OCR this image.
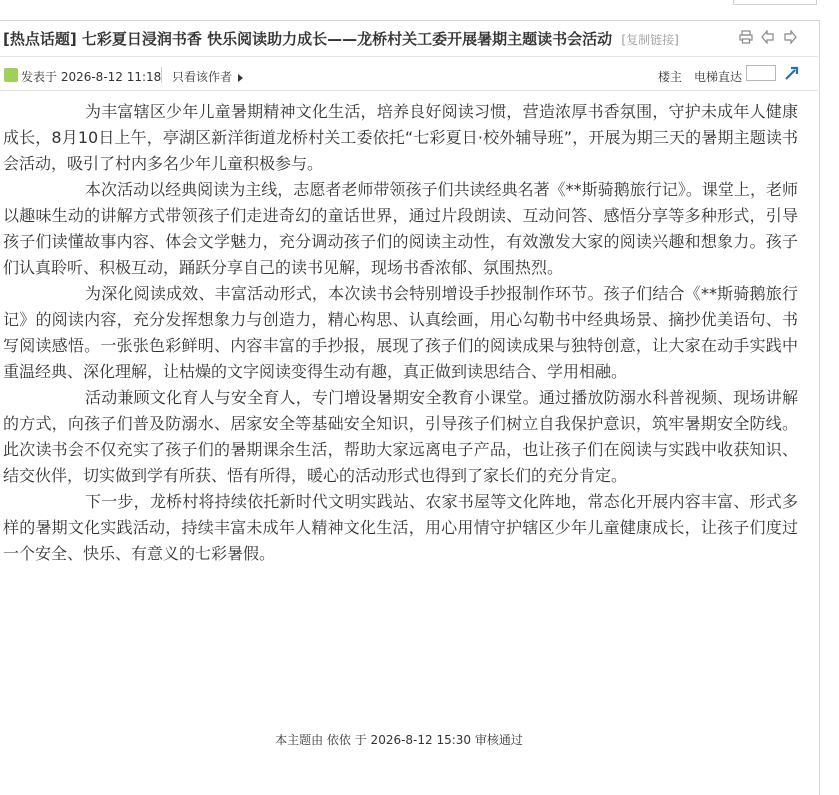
[热点话题] 七彩夏日浸润书香 快乐阅读助力成长——龙桥村关工委开展暑期主题读书会活动 [复制链接]
发表于 2026-8-12 11:18 只看该作者	楼主 电梯直达

为丰富辖区少年儿童暑期精神文化生活，培养良好阅读习惯，营造浓厚书香氛围，守护未成年人健康成长，8月10日上午，亭湖区新洋街道龙桥村关工委依托“七彩夏日·校外辅导班”，开展为期三天的暑期主题读书会活动，吸引了村内多名少年儿童积极参与。

本次活动以经典阅读为主线，志愿者老师带领孩子们共读经典名著《**斯骑鹅旅行记》。课堂上，老师以趣味生动的讲解方式带领孩子们走进奇幻的童话世界，通过片段朗读、互动问答、感悟分享等多种形式，引导孩子们读懂故事内容、体会文学魅力，充分调动孩子们的阅读主动性，有效激发大家的阅读兴趣和想象力。孩子们认真聆听、积极互动，踊跃分享自己的读书见解，现场书香浓郁、氛围热烈。

为深化阅读成效、丰富活动形式，本次读书会特别增设手抄报制作环节。孩子们结合《**斯骑鹅旅行记》的阅读内容，充分发挥想象力与创造力，精心构思、认真绘画，用心勾勒书中经典场景、摘抄优美语句、书写阅读感悟。一张张色彩鲜明、内容丰富的手抄报，展现了孩子们的阅读成果与独特创意，让大家在动手实践中重温经典、深化理解，让枯燥的文字阅读变得生动有趣，真正做到读思结合、学用相融。

活动兼顾文化育人与安全育人，专门增设暑期安全教育小课堂。通过播放防溺水科普视频、现场讲解的方式，向孩子们普及防溺水、居家安全等基础安全知识，引导孩子们树立自我保护意识，筑牢暑期安全防线。此次读书会不仅充实了孩子们的暑期课余生活，帮助大家远离电子产品，也让孩子们在阅读与实践中收获知识、结交伙伴，切实做到学有所获、悟有所得，暖心的活动形式也得到了家长们的充分肯定。

下一步，龙桥村将持续依托新时代文明实践站、农家书屋等文化阵地，常态化开展内容丰富、形式多样的暑期文化实践活动，持续丰富未成年人精神文化生活，用心用情守护辖区少年儿童健康成长，让孩子们度过一个安全、快乐、有意义的七彩暑假。

本主题由 依依 于 2026-8-12 15:30 审核通过
